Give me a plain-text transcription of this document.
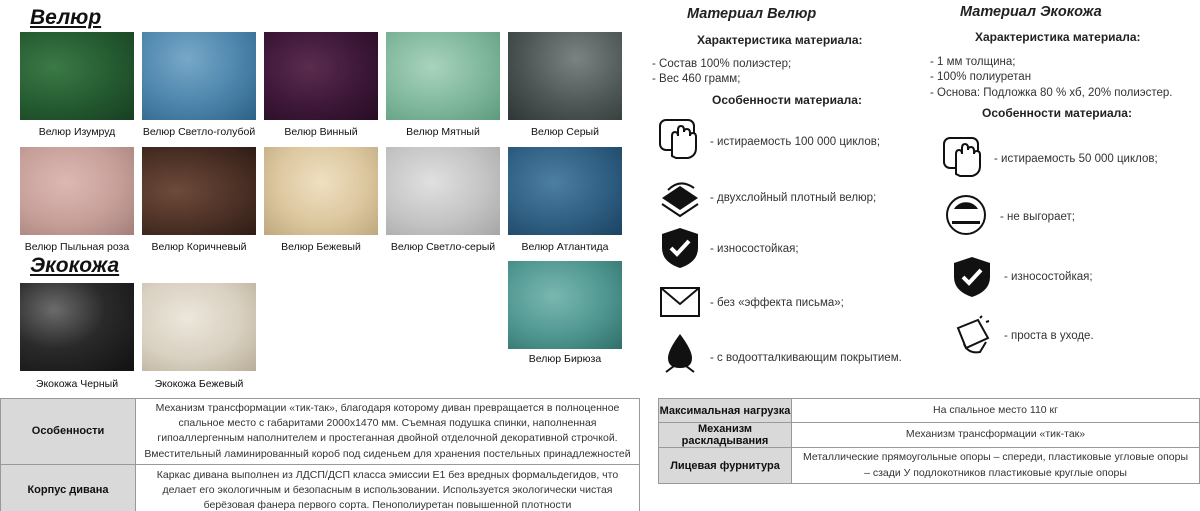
Велюр
Велюр Изумруд	Велюр Светло-голубой	Велюр Винный	Велюр Мятный	Велюр Серый
Велюр Пыльная роза	Велюр Коричневый	Велюр Бежевый	Велюр Светло-серый	Велюр Атлантида
Экокожа
Экокожа Черный	Экокожа Бежевый
Велюр Бирюза
Материал Велюр
Характеристика материала:
- Состав 100% полиэстер;
- Вес 460 грамм;
Особенности материала:
- истираемость 100 000 циклов;
- двухслойный плотный велюр;
- износостойкая;
- без «эффекта письма»;
- с водоотталкивающим покрытием.
Материал Экокожа
Характеристика материала:
- 1 мм толщина;
- 100% полиуретан
- Основа: Подложка 80 % хб, 20% полиэстер.
Особенности материала:
- истираемость 50 000 циклов;
- не выгорает;
- износостойкая;
- проста в уходе.
Особенности	Механизм трансформации «тик-так», благодаря которому диван превращается в полноценное спальное место с габаритами 2000x1470 мм. Съемная подушка спинки, наполненная гипоаллергенным наполнителем и простеганная двойной отделочной декоративной строчкой. Вместительный ламинированный короб под сиденьем для хранения постельных принадлежностей
Корпус дивана	Каркас дивана выполнен из ЛДСП/ДСП класса эмиссии Е1 без вредных формальдегидов, что делает его экологичным и безопасным в использовании. Используется экологически чистая берёзовая фанера первого сорта. Пенополиуретан повышенной плотности
Максимальная нагрузка	На спальное место 110 кг
Механизм раскладывания	Механизм трансформации «тик-так»
Лицевая фурнитура	Металлические прямоугольные опоры – спереди, пластиковые угловые опоры – сзади У подлокотников пластиковые круглые опоры
